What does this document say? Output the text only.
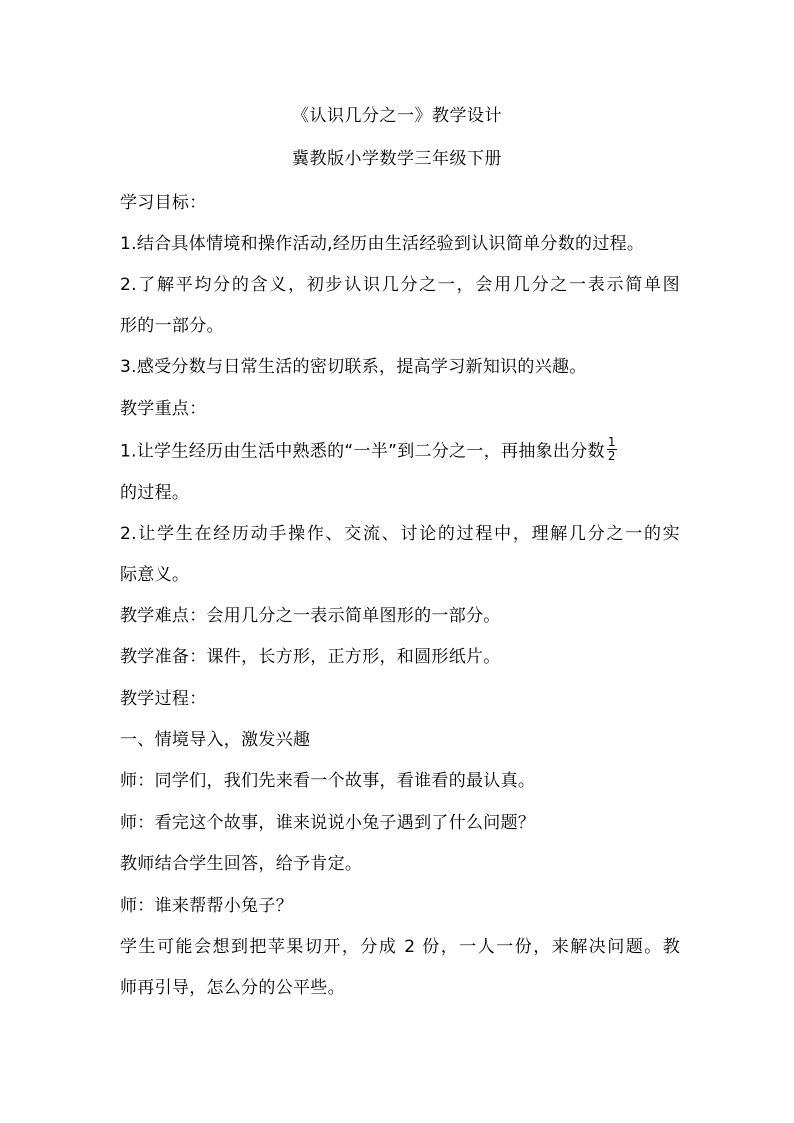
《认识几分之一》教学设计
冀教版小学数学三年级下册
学习目标：
1.结合具体情境和操作活动,经历由生活经验到认识简单分数的过程。
2.了解平均分的含义，初步认识几分之一，会用几分之一表示简单图
形的一部分。
3.感受分数与日常生活的密切联系，提高学习新知识的兴趣。
教学重点：
1.让学生经历由生活中熟悉的“一半”到二分之一，再抽象出分数 $\frac{1}{2}$
的过程。
2.让学生在经历动手操作、交流、讨论的过程中，理解几分之一的实
际意义。
教学难点：会用几分之一表示简单图形的一部分。
教学准备：课件，长方形，正方形，和圆形纸片。
教学过程：
一、情境导入，激发兴趣
师：同学们，我们先来看一个故事，看谁看的最认真。
师：看完这个故事，谁来说说小兔子遇到了什么问题？
教师结合学生回答，给予肯定。
师：谁来帮帮小兔子？
学生可能会想到把苹果切开，分成 2 份，一人一份，来解决问题。教
师再引导，怎么分的公平些。
